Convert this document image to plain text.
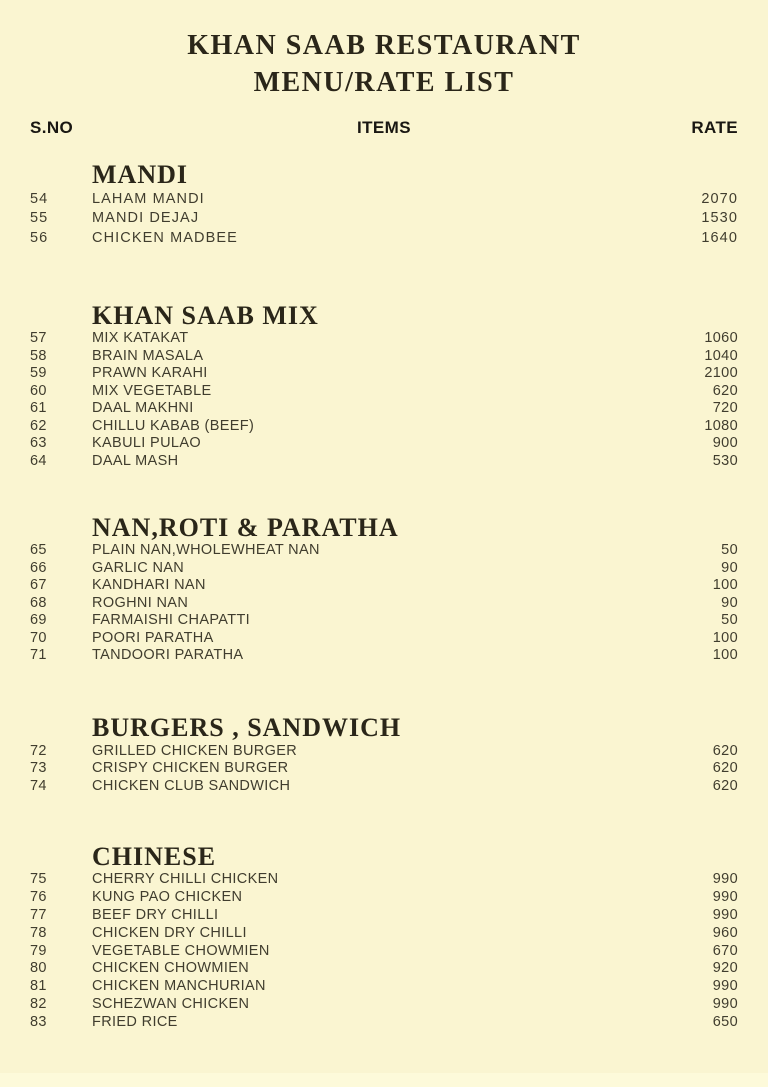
KHAN SAAB RESTAURANT
MENU/RATE LIST
S.NO	ITEMS	RATE
MANDI
54	LAHAM MANDI	2070
55	MANDI DEJAJ	1530
56	CHICKEN MADBEE	1640
KHAN SAAB MIX
57	MIX KATAKAT	1060
58	BRAIN MASALA	1040
59	PRAWN KARAHI	2100
60	MIX VEGETABLE	620
61	DAAL MAKHNI	720
62	CHILLU KABAB (BEEF)	1080
63	KABULI PULAO	900
64	DAAL MASH	530
NAN,ROTI & PARATHA
65	PLAIN NAN,WHOLEWHEAT NAN	50
66	GARLIC NAN	90
67	KANDHARI NAN	100
68	ROGHNI NAN	90
69	FARMAISHI CHAPATTI	50
70	POORI PARATHA	100
71	TANDOORI PARATHA	100
BURGERS , SANDWICH
72	GRILLED CHICKEN BURGER	620
73	CRISPY CHICKEN BURGER	620
74	CHICKEN CLUB SANDWICH	620
CHINESE
75	CHERRY CHILLI CHICKEN	990
76	KUNG PAO CHICKEN	990
77	BEEF DRY CHILLI	990
78	CHICKEN DRY CHILLI	960
79	VEGETABLE CHOWMIEN	670
80	CHICKEN CHOWMIEN	920
81	CHICKEN MANCHURIAN	990
82	SCHEZWAN CHICKEN	990
83	FRIED RICE	650
